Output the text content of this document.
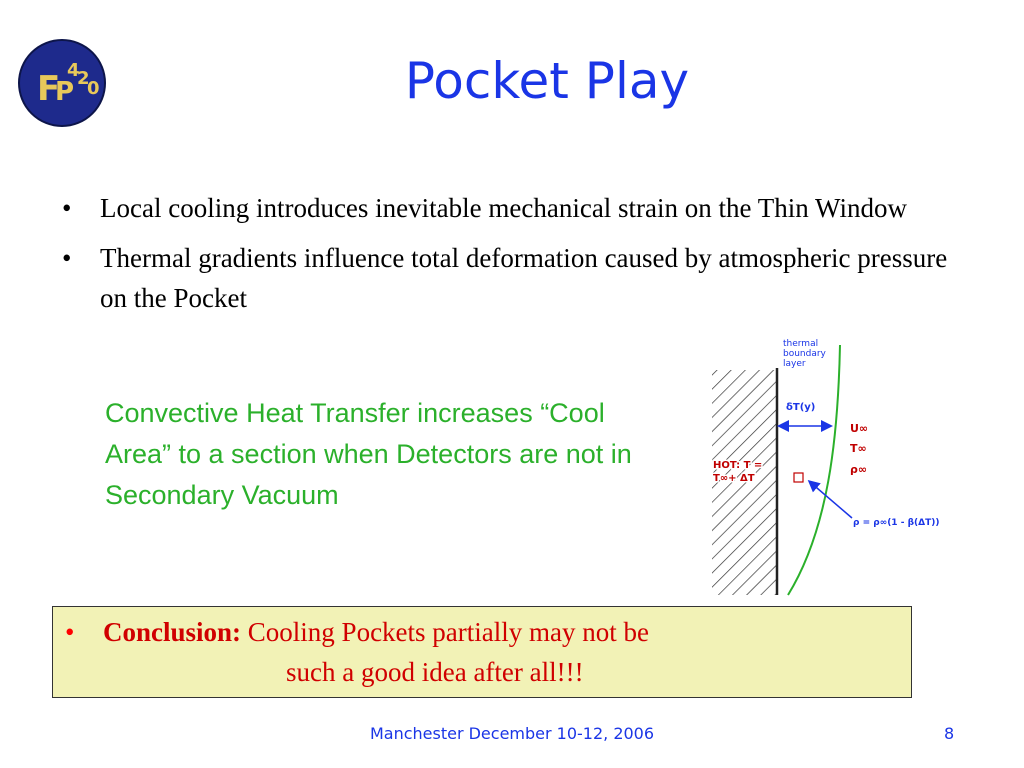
F
P
4
2
0	Pocket Play
• Local cooling introduces inevitable mechanical strain on the Thin Window
• Thermal gradients influence total deformation caused by atmospheric pressure on the Pocket
Convective Heat Transfer increases “Cool Area” to a section when Detectors are not in Secondary Vacuum
thermal
boundary
layer
δT(y)
U∞
T∞
ρ∞
HOT: T =
T∞+ ΔT
ρ = ρ∞(1 - β(ΔT))
• Conclusion: Cooling Pockets partially may not be
such a good idea after all!!!
Manchester December 10-12, 2006	8
